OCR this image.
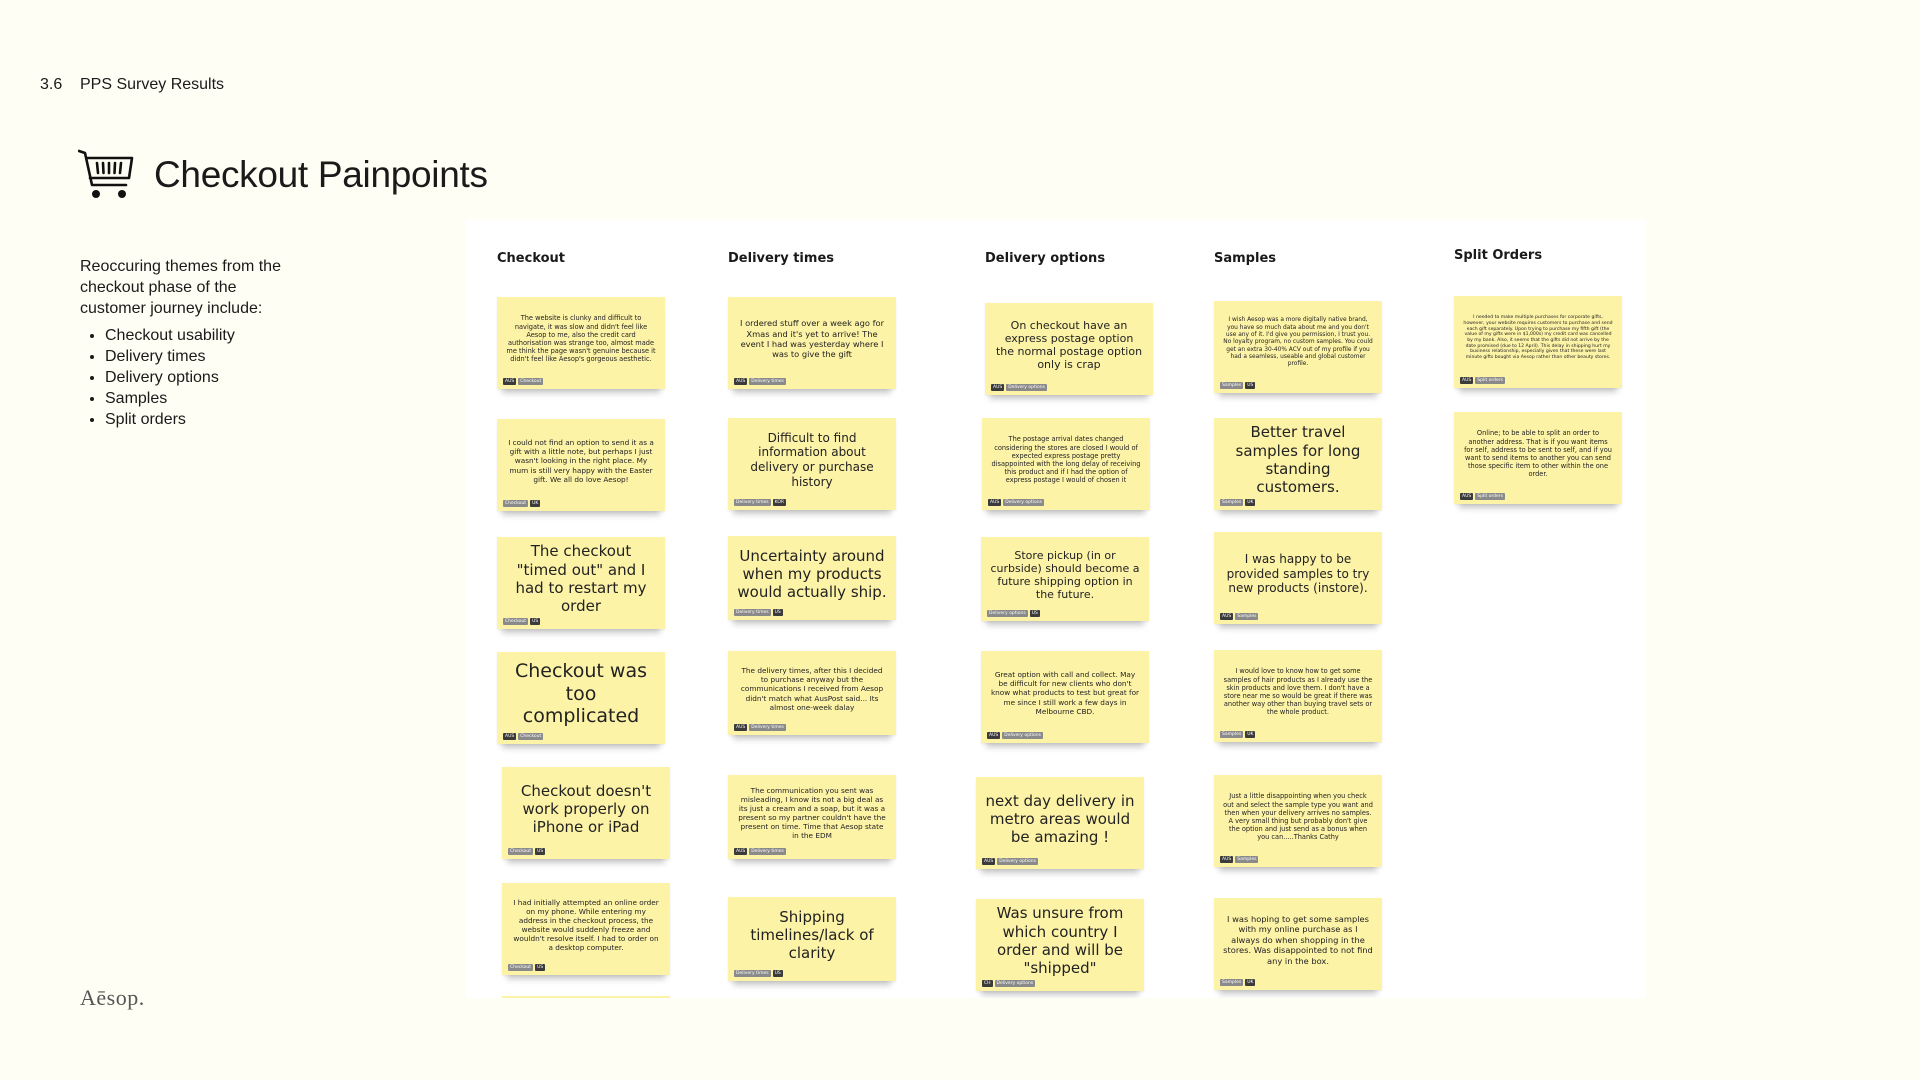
3.6	PPS Survey Results
Checkout Painpoints
Reoccuring themes from the checkout phase of the customer journey include:
• Checkout usability
• Delivery times
• Delivery options
• Samples
• Split orders
Aēsop.
Checkout
The website is clunky and difficult to navigate, it was slow and didn't feel like Aesop to me, also the credit card authorisation was strange too, almost made me think the page wasn't genuine because it didn't feel like Aesop's gorgeous aesthetic.
AUS	Checkout
I could not find an option to send it as a gift with a little note, but perhaps I just wasn't looking in the right place. My mum is still very happy with the Easter gift. We all do love Aesop!
Checkout	UK
The checkout "timed out" and I had to restart my order
Checkout	US
Checkout was too complicated
AUS	Checkout
Checkout doesn't work properly on iPhone or iPad
Checkout	US
I had initially attempted an online order on my phone. While entering my address in the checkout process, the website would suddenly freeze and wouldn't resolve itself. I had to order on a desktop computer.
Checkout	US
Delivery times
I ordered stuff over a week ago for Xmas and it's yet to arrive! The event I had was yesterday where I was to give the gift
AUS	Delivery times
Difficult to find information about delivery or purchase history
Delivery times	KOR
Uncertainty around when my products would actually ship.
Delivery times	US
The delivery times, after this I decided to purchase anyway but the communications I received from Aesop didn't match what AusPost said... Its almost one-week dalay
AUS	Delivery times
The communication you sent was misleading, I know its not a big deal as its just a cream and a soap, but it was a present so my partner couldn't have the present on time. Time that Aesop state in the EDM
AUS	Delivery times
Shipping timelines/lack of clarity
Delivery times	US
Delivery options
On checkout have an express postage option the normal postage option only is crap
AUS	Delivery options
The postage arrival dates changed considering the stores are closed I would of expected express postage pretty disappointed with the long delay of receiving this product and if I had the option of express postage I would of chosen it
AUS	Delivery options
Store pickup (in or curbside) should become a future shipping option in the future.
Delivery options	US
Great option with call and collect. May be difficult for new clients who don't know what products to test but great for me since I still work a few days in Melbourne CBD.
AUS	Delivery options
next day delivery in metro areas would be amazing !
AUS	Delivery options
Was unsure from which country I order and will be "shipped"
CH	Delivery options
Samples
I wish Aesop was a more digitally native brand, you have so much data about me and you don't use any of it. I'd give you permission, I trust you. No loyalty program, no custom samples. You could get an extra 30-40% ACV out of my profile if you had a seamless, useable and global customer profile.
Samples	US
Better travel samples for long standing customers.
Samples	UK
I was happy to be provided samples to try new products (instore).
AUS	Samples
I would love to know how to get some samples of hair products as I already use the skin products and love them. I don't have a store near me so would be great if there was another way other than buying travel sets or the whole product.
Samples	UK
Just a little disappointing when you check out and select the sample type you want and then when your delivery arrives no samples. A very small thing but probably don't give the option and just send as a bonus when you can.....Thanks Cathy
AUS	Samples
I was hoping to get some samples with my online purchase as I always do when shopping in the stores. Was disappointed to not find any in the box.
Samples	UK
Split Orders
I needed to make multiple purchases for corporate gifts, however, your website requires customers to purchase and send each gift separately. Upon trying to purchase my fifth gift (the value of my gifts were in $1,000s) my credit card was cancelled by my bank. Also, it seems that the gifts did not arrive by the date promised (due to 12 April). This delay in shipping hurt my business relationship, especially given that these were last minute gifts bought via Aesop rather than other beauty stores.
AUS	Split orders
Online; to be able to split an order to another address. That is if you want items for self, address to be sent to self, and if you want to send items to another you can send those specific item to other within the one order.
AUS	Split orders
